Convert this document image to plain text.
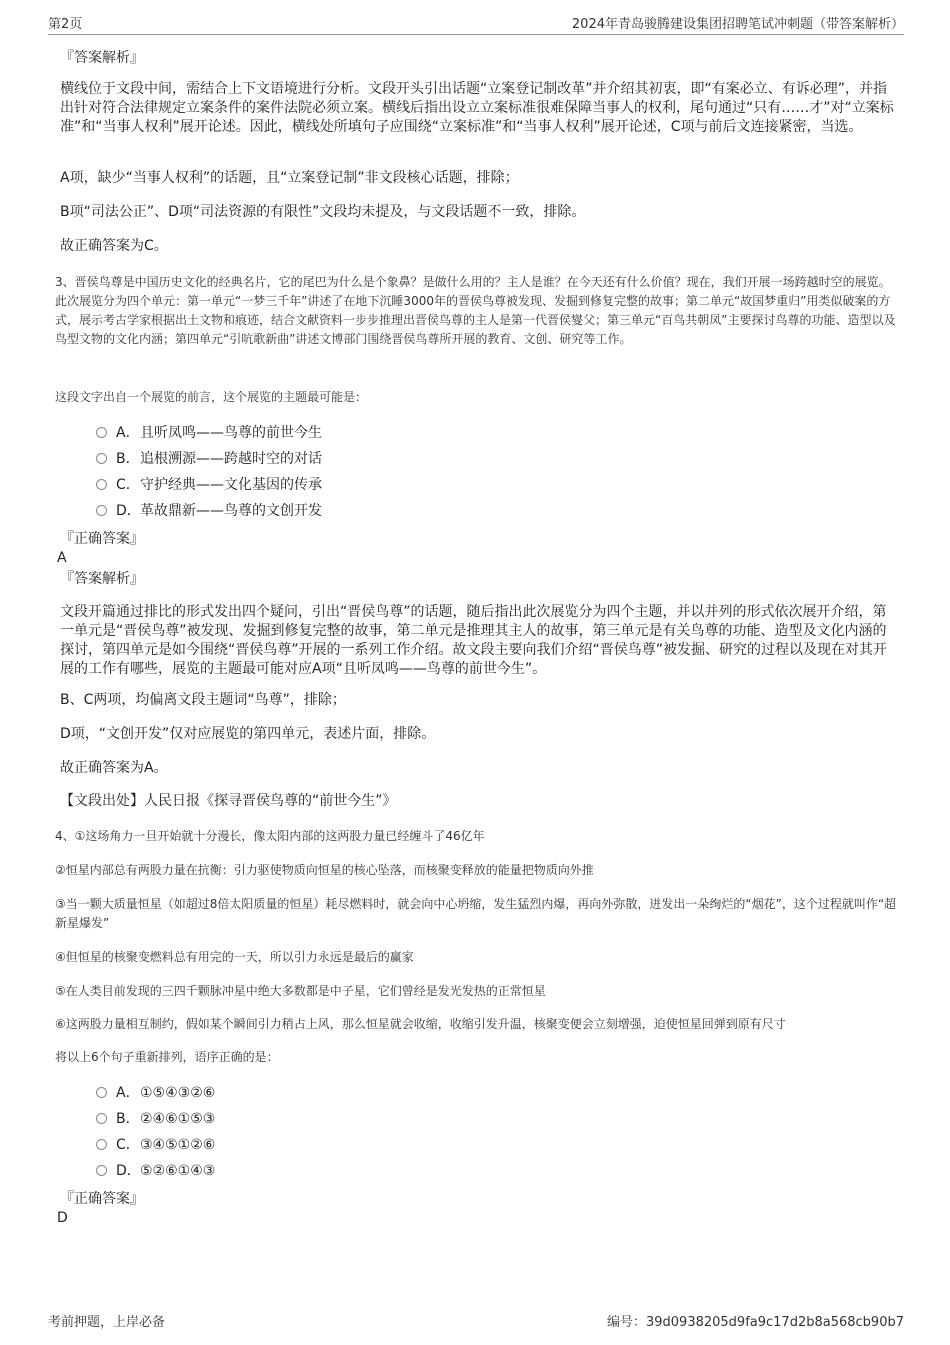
第2页	2024年青岛骏腾建设集团招聘笔试冲刺题（带答案解析）

『答案解析』

横线位于文段中间，需结合上下文语境进行分析。文段开头引出话题“立案登记制改革”并介绍其初衷，即“有案必立、有诉必理”，并指出针对符合法律规定立案条件的案件法院必须立案。横线后指出设立立案标准很难保障当事人的权利，尾句通过“只有……才”对“立案标准”和“当事人权利”展开论述。因此，横线处所填句子应围绕“立案标准”和“当事人权利”展开论述，C项与前后文连接紧密，当选。

A项，缺少“当事人权利”的话题，且“立案登记制”非文段核心话题，排除；

B项“司法公正”、D项“司法资源的有限性”文段均未提及，与文段话题不一致，排除。

故正确答案为C。

3、晋侯鸟尊是中国历史文化的经典名片，它的尾巴为什么是个象鼻？是做什么用的？主人是谁？在今天还有什么价值？现在，我们开展一场跨越时空的展览。此次展览分为四个单元：第一单元“一梦三千年”讲述了在地下沉睡3000年的晋侯鸟尊被发现、发掘到修复完整的故事；第二单元“故国梦重归”用类似破案的方式，展示考古学家根据出土文物和痕迹，结合文献资料一步步推理出晋侯鸟尊的主人是第一代晋侯燮父；第三单元“百鸟共朝凤”主要探讨鸟尊的功能、造型以及鸟型文物的文化内涵；第四单元“引吭歌新曲”讲述文博部门围绕晋侯鸟尊所开展的教育、文创、研究等工作。

这段文字出自一个展览的前言，这个展览的主题最可能是：

A．且听凤鸣——鸟尊的前世今生
B．追根溯源——跨越时空的对话
C．守护经典——文化基因的传承
D．革故鼎新——鸟尊的文创开发

『正确答案』

A

『答案解析』

文段开篇通过排比的形式发出四个疑问，引出“晋侯鸟尊”的话题，随后指出此次展览分为四个主题，并以并列的形式依次展开介绍，第一单元是“晋侯鸟尊”被发现、发掘到修复完整的故事，第二单元是推理其主人的故事，第三单元是有关鸟尊的功能、造型及文化内涵的探讨，第四单元是如今围绕“晋侯鸟尊”开展的一系列工作介绍。故文段主要向我们介绍“晋侯鸟尊”被发掘、研究的过程以及现在对其开展的工作有哪些，展览的主题最可能对应A项“且听凤鸣——鸟尊的前世今生”。

B、C两项，均偏离文段主题词“鸟尊”，排除；

D项，“文创开发”仅对应展览的第四单元，表述片面，排除。

故正确答案为A。

【文段出处】人民日报《探寻晋侯鸟尊的“前世今生”》

4、①这场角力一旦开始就十分漫长，像太阳内部的这两股力量已经缠斗了46亿年

②恒星内部总有两股力量在抗衡：引力驱使物质向恒星的核心坠落，而核聚变释放的能量把物质向外推

③当一颗大质量恒星（如超过8倍太阳质量的恒星）耗尽燃料时，就会向中心坍缩，发生猛烈内爆，再向外弥散，迸发出一朵绚烂的“烟花”，这个过程就叫作“超新星爆发”

④但恒星的核聚变燃料总有用完的一天，所以引力永远是最后的赢家

⑤在人类目前发现的三四千颗脉冲星中绝大多数都是中子星，它们曾经是发光发热的正常恒星

⑥这两股力量相互制约，假如某个瞬间引力稍占上风，那么恒星就会收缩，收缩引发升温，核聚变便会立刻增强，迫使恒星回弹到原有尺寸

将以上6个句子重新排列，语序正确的是：

A．①⑤④③②⑥
B．②④⑥①⑤③
C．③④⑤①②⑥
D．⑤②⑥①④③

『正确答案』

D

考前押题，上岸必备	编号：39d0938205d9fa9c17d2b8a568cb90b7
